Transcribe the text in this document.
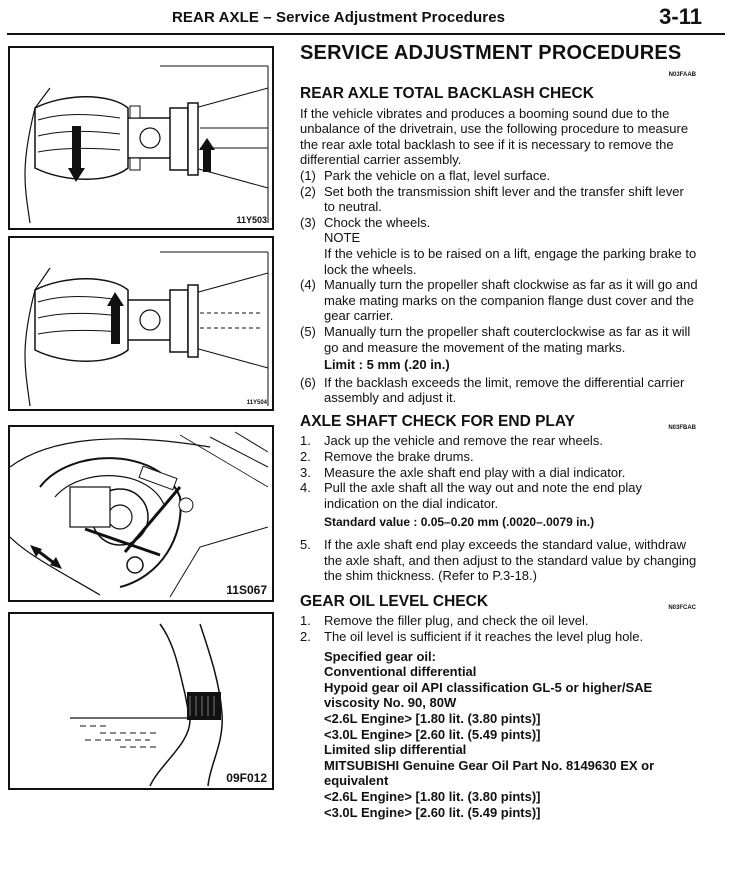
REAR AXLE – Service Adjustment Procedures	3-11
11Y503
11Y504
11S067
09F012
SERVICE ADJUSTMENT PROCEDURES
N03FAAB
REAR AXLE TOTAL BACKLASH CHECK

If the vehicle vibrates and produces a booming sound due to the unbalance of the drivetrain, use the following procedure to measure the rear axle total backlash to see if it is necessary to remove the differential carrier assembly.

(1) Park the vehicle on a flat, level surface.
(2) Set both the transmission shift lever and the transfer shift lever to neutral.
(3) Chock the wheels.
NOTE
If the vehicle is to be raised on a lift, engage the parking brake to lock the wheels.
(4) Manually turn the propeller shaft clockwise as far as it will go and make mating marks on the companion flange dust cover and the gear carrier.
(5) Manually turn the propeller shaft couterclockwise as far as it will go and measure the movement of the mating marks.
Limit : 5 mm (.20 in.)
(6) If the backlash exceeds the limit, remove the differential carrier assembly and adjust it.
AXLE SHAFT CHECK FOR END PLAY	N03FBAB
1. Jack up the vehicle and remove the rear wheels.
2. Remove the brake drums.
3. Measure the axle shaft end play with a dial indicator.
4. Pull the axle shaft all the way out and note the end play indication on the dial indicator.
Standard value : 0.05–0.20 mm (.0020–.0079 in.)
5. If the axle shaft end play exceeds the standard value, withdraw the axle shaft, and then adjust to the standard value by changing the shim thickness. (Refer to P.3-18.)
GEAR OIL LEVEL CHECK	N03FCAC
1. Remove the filler plug, and check the oil level.
2. The oil level is sufficient if it reaches the level plug hole.
Specified gear oil:
Conventional differential
Hypoid gear oil API classification GL-5 or higher/SAE viscosity No. 90, 80W
<2.6L Engine> [1.80 lit. (3.80 pints)]
<3.0L Engine> [2.60 lit. (5.49 pints)]
Limited slip differential
MITSUBISHI Genuine Gear Oil Part No. 8149630 EX or equivalent
<2.6L Engine> [1.80 lit. (3.80 pints)]
<3.0L Engine> [2.60 lit. (5.49 pints)]
